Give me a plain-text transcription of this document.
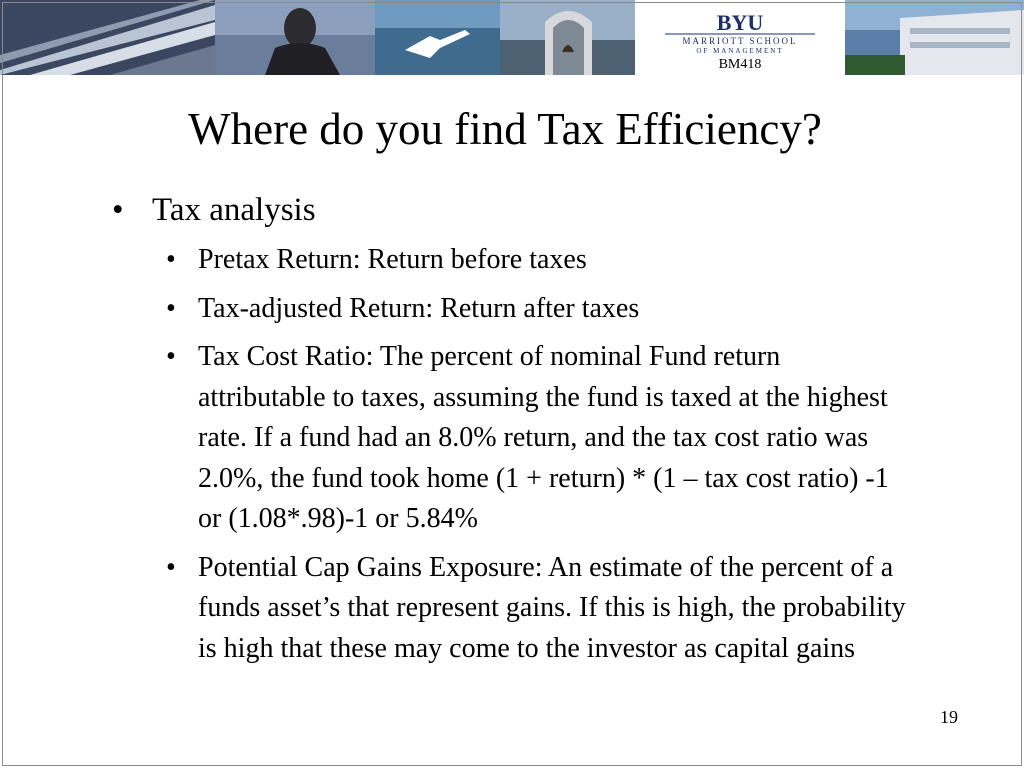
BYU
MARRIOTT SCHOOL
OF MANAGEMENT
BM418
Where do you find Tax Efficiency?
• Tax analysis
• Pretax Return: Return before taxes
• Tax-adjusted Return: Return after taxes
• Tax Cost Ratio: The percent of nominal Fund return attributable to taxes, assuming the fund is taxed at the highest rate. If a fund had an 8.0% return, and the tax cost ratio was 2.0%, the fund took home (1 + return) * (1 – tax cost ratio) -1 or (1.08*.98)-1 or 5.84%
• Potential Cap Gains Exposure: An estimate of the percent of a funds asset’s that represent gains. If this is high, the probability is high that these may come to the investor as capital gains
19
